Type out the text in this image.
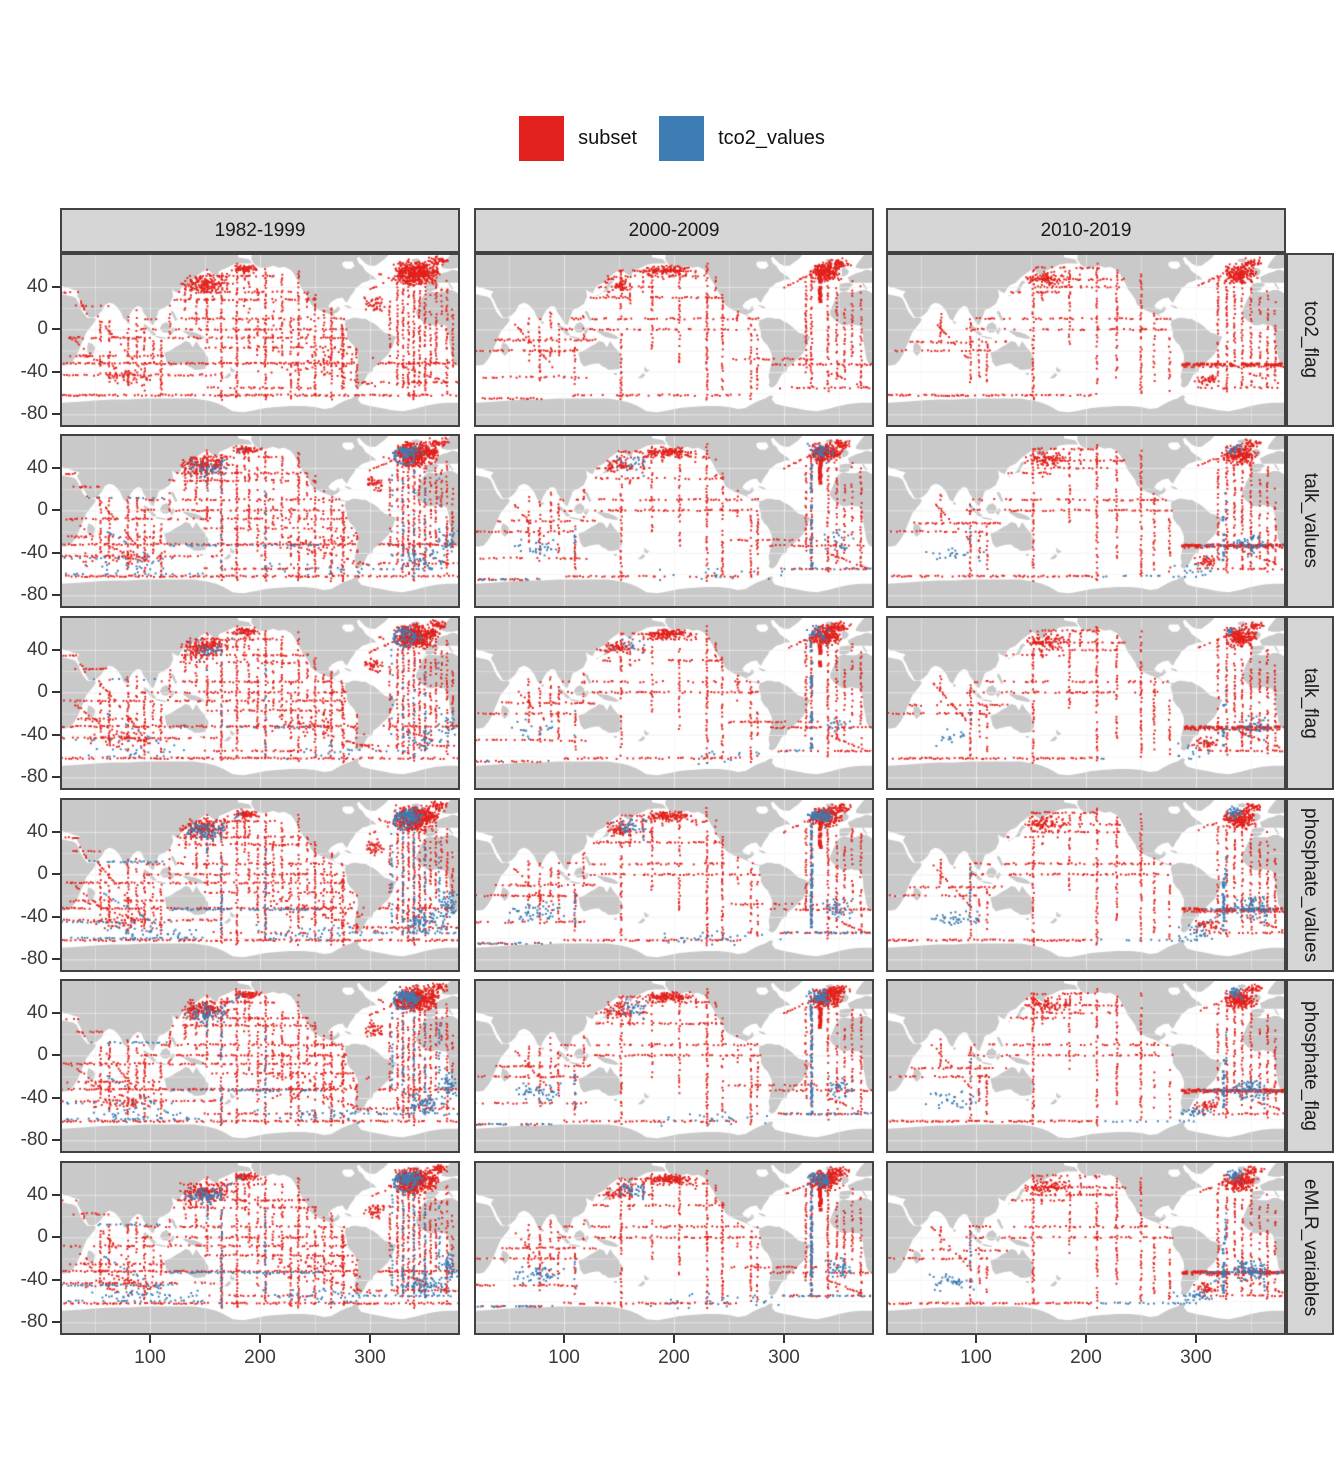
subset	tco2_values
1982-1999	2000-2009	2010-2019
tco2_flag
talk_values
talk_flag
phosphate_values
phosphate_flag
eMLR_variables
40
0
-40
-80
40
0
-40
-80
40
0
-40
-80
40
0
-40
-80
40
0
-40
-80
40
0
-40
-80
100	200	300	100	200	300	100	200	300
